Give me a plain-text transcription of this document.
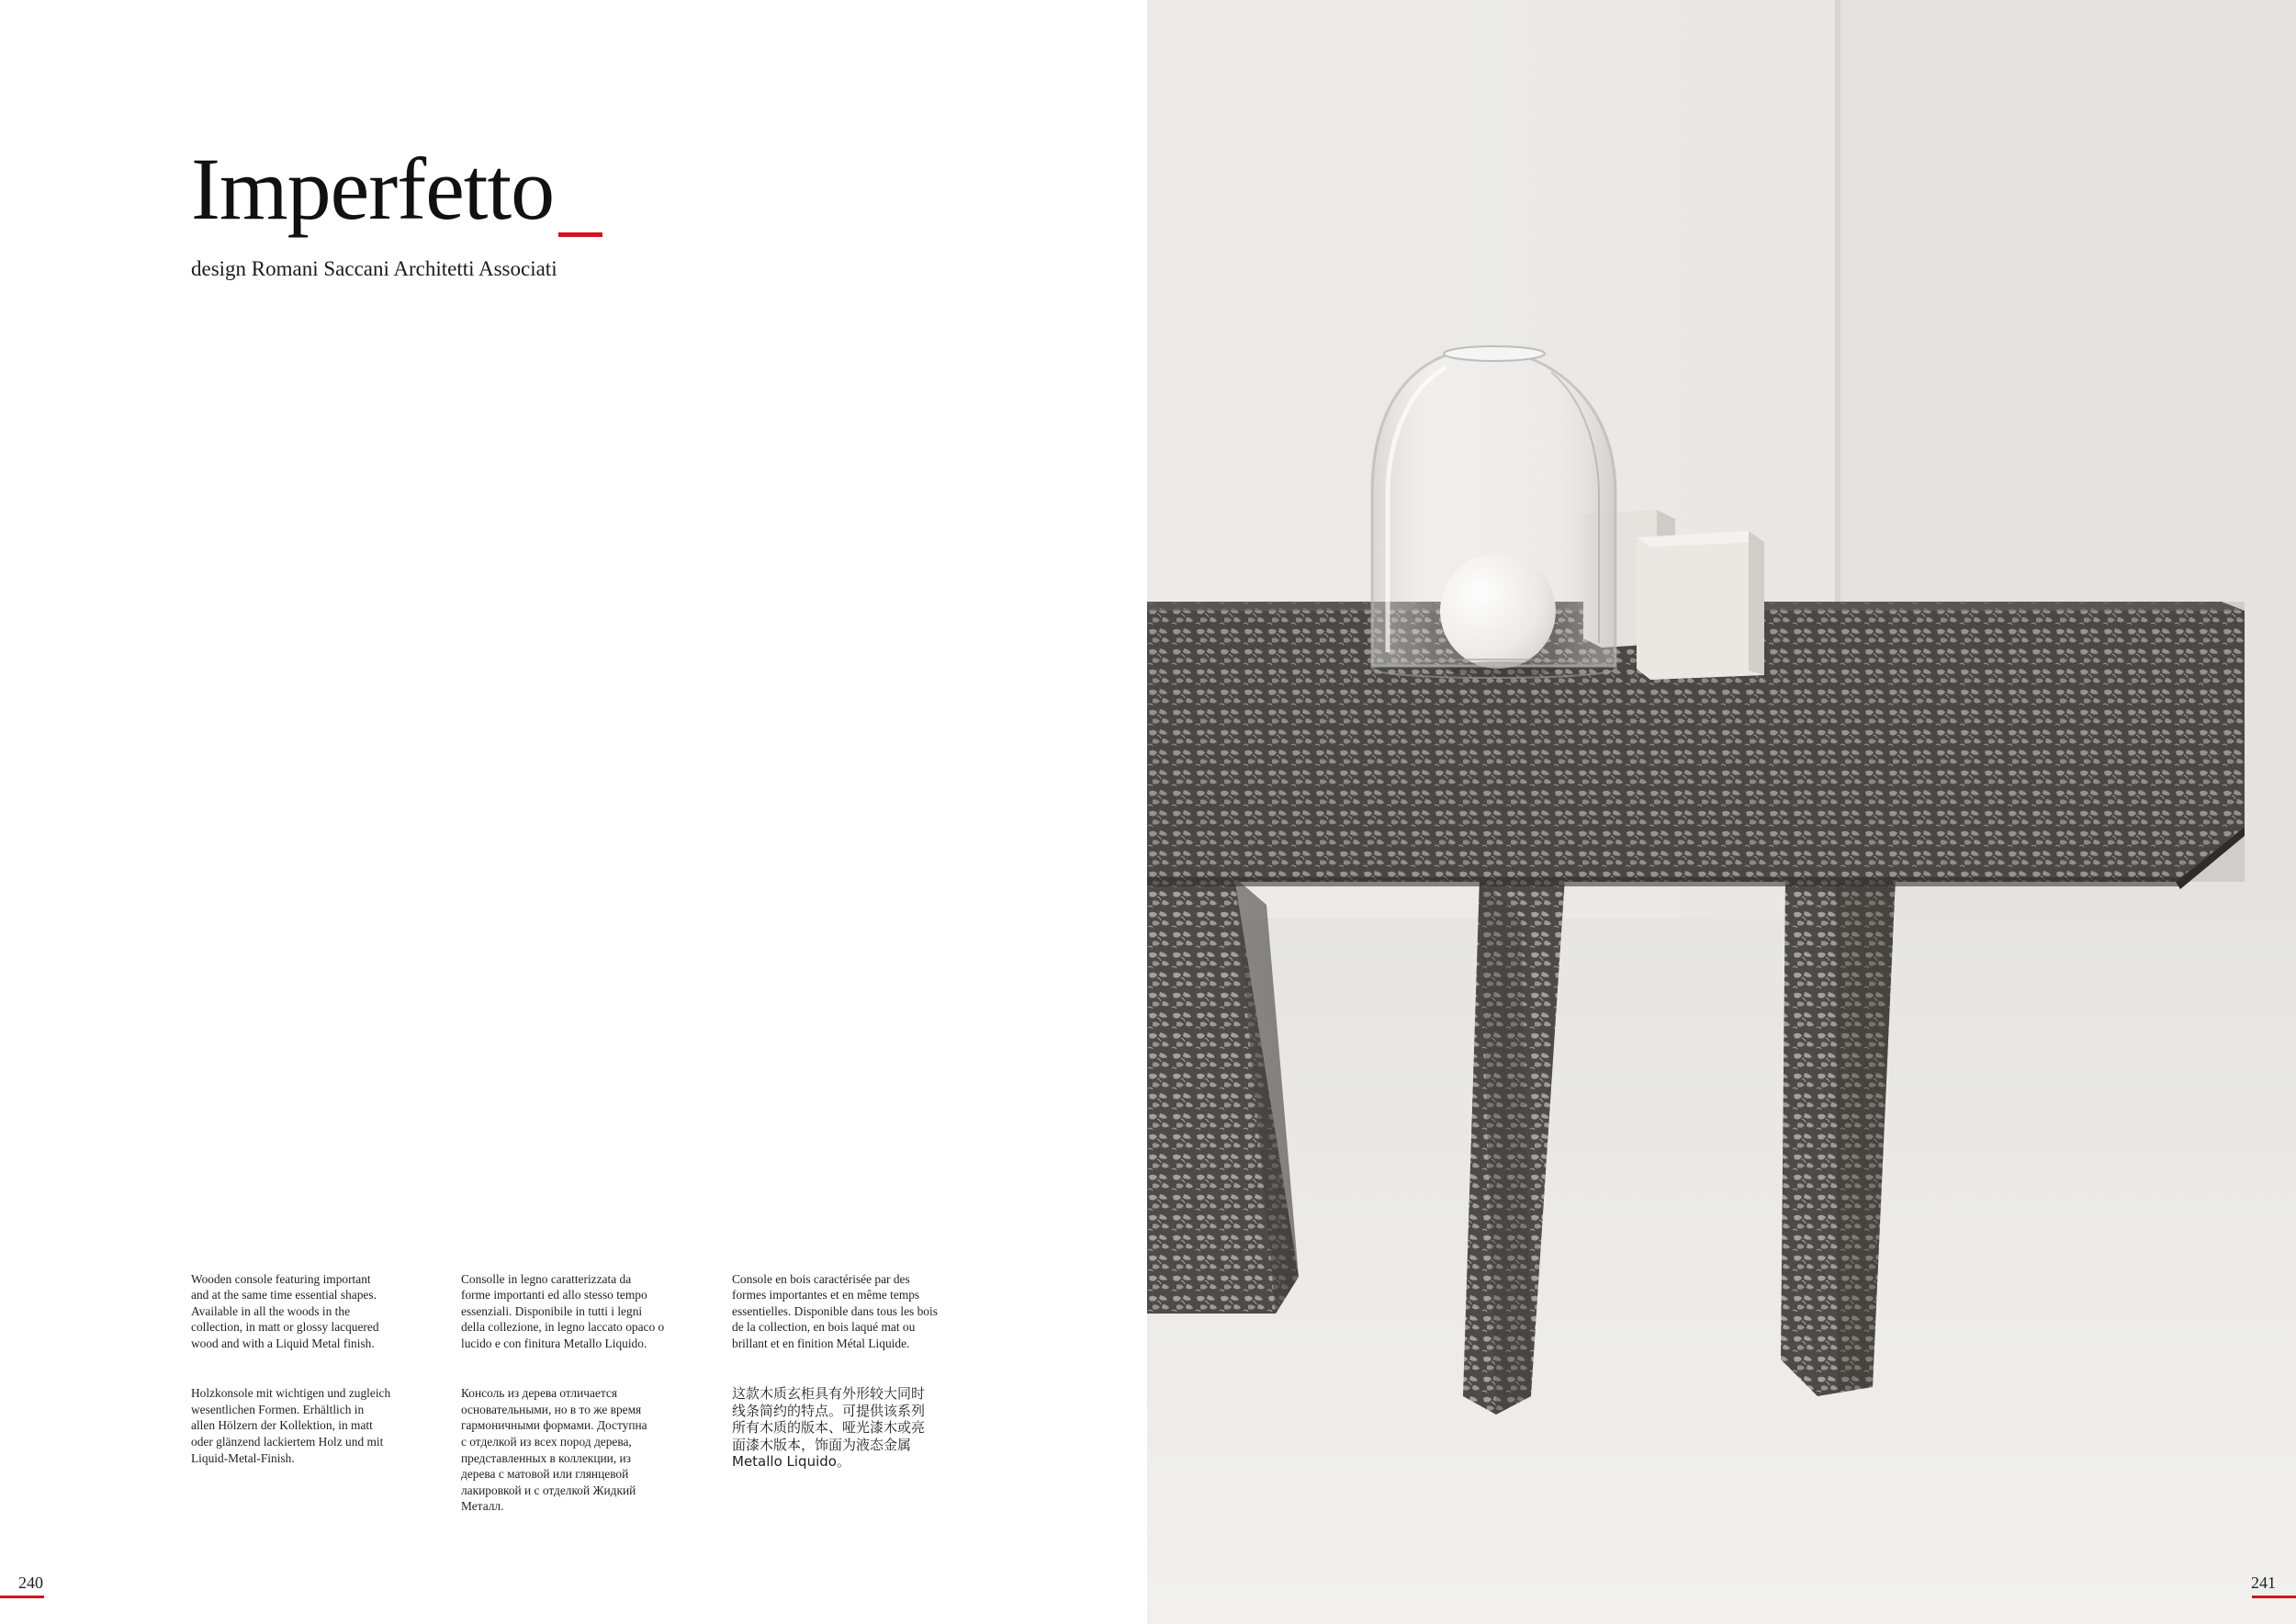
Imperfetto
design Romani Saccani Architetti Associati

Wooden console featuring important
and at the same time essential shapes.
Available in all the woods in the
collection, in matt or glossy lacquered
wood and with a Liquid Metal finish.

Holzkonsole mit wichtigen und zugleich
wesentlichen Formen. Erhältlich in
allen Hölzern der Kollektion, in matt
oder glänzend lackiertem Holz und mit
Liquid-Metal-Finish.

Consolle in legno caratterizzata da
forme importanti ed allo stesso tempo
essenziali. Disponibile in tutti i legni
della collezione, in legno laccato opaco o
lucido e con finitura Metallo Liquido.

Консоль из дерева отличается
основательными, но в то же время
гармоничными формами. Доступна
с отделкой из всех пород дерева,
представленных в коллекции, из
дерева с матовой или глянцевой
лакировкой и с отделкой Жидкий
Металл.

Console en bois caractérisée par des
formes importantes et en même temps
essentielles. Disponible dans tous les bois
de la collection, en bois laqué mat ou
brillant et en finition Métal Liquide.

这款木质玄柜具有外形较大同时
线条简约的特点。可提供该系列
所有木质的版本、哑光漆木或亮
面漆木版本，饰面为液态金属
Metallo Liquido。

240	241
